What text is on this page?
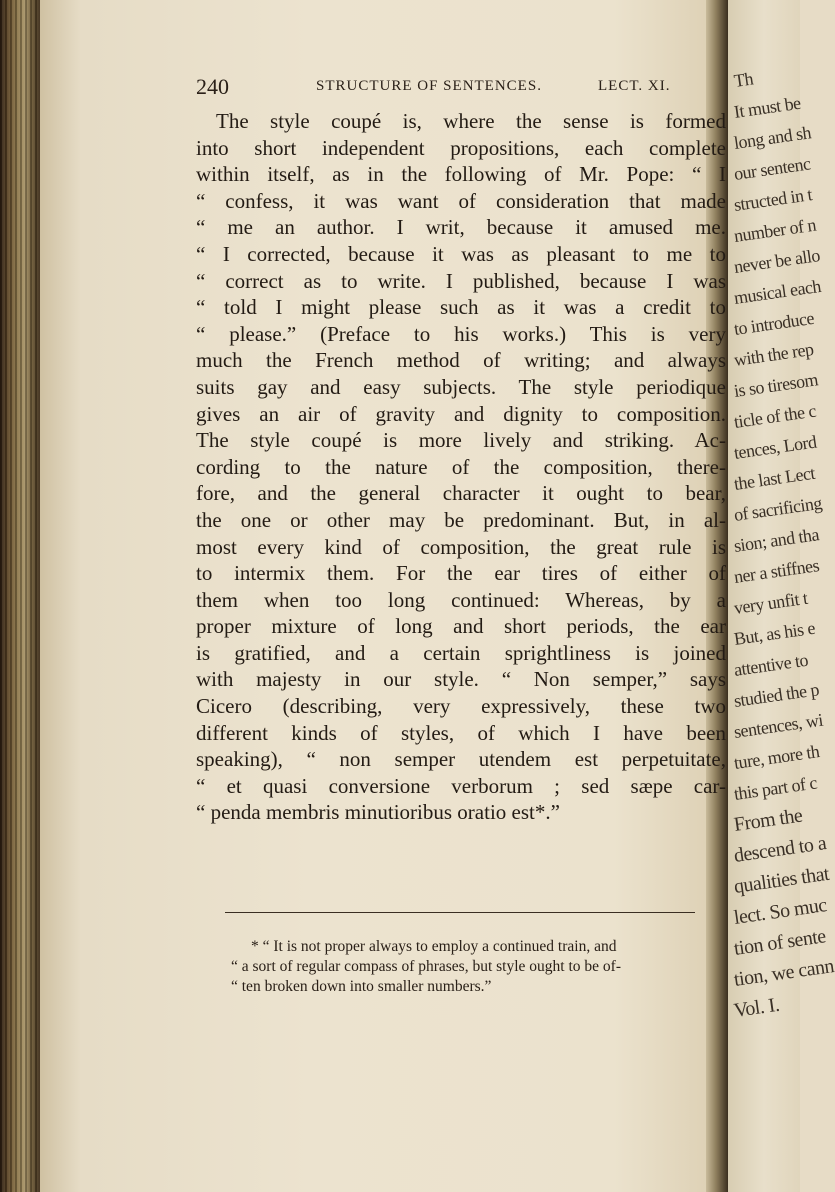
Th
It must be
long and sh
our sentenc
structed in t
number of n
never be allo
musical each
to introduce
with the rep
is so tiresom
ticle of the c
tences, Lord
the last Lect
of sacrificing
sion; and tha
ner a stiffnes
very unfit t
But, as his e
attentive to
studied the p
sentences, wi
ture, more th
this part of c
From the
descend to a
qualities that
lect. So muc
tion of sente
tion, we cann
Vol. I.
240	STRUCTURE OF SENTENCES.	LECT. XI.
The style coupé is, where the sense is formed
into short independent propositions, each complete
within itself, as in the following of Mr. Pope: “ I
“ confess, it was want of consideration that made
“ me an author. I writ, because it amused me.
“ I corrected, because it was as pleasant to me to
“ correct as to write. I published, because I was
“ told I might please such as it was a credit to
“ please.” (Preface to his works.) This is very
much the French method of writing; and always
suits gay and easy subjects. The style periodique
gives an air of gravity and dignity to composition.
The style coupé is more lively and striking. Ac-
cording to the nature of the composition, there-
fore, and the general character it ought to bear,
the one or other may be predominant. But, in al-
most every kind of composition, the great rule is
to intermix them. For the ear tires of either of
them when too long continued: Whereas, by a
proper mixture of long and short periods, the ear
is gratified, and a certain sprightliness is joined
with majesty in our style. “ Non semper,” says
Cicero (describing, very expressively, these two
different kinds of styles, of which I have been
speaking), “ non semper utendem est perpetuitate,
“ et quasi conversione verborum ; sed sæpe car-
“ penda membris minutioribus oratio est*.”
* “ It is not proper always to employ a continued train, and
“ a sort of regular compass of phrases, but style ought to be of-
“ ten broken down into smaller numbers.”
